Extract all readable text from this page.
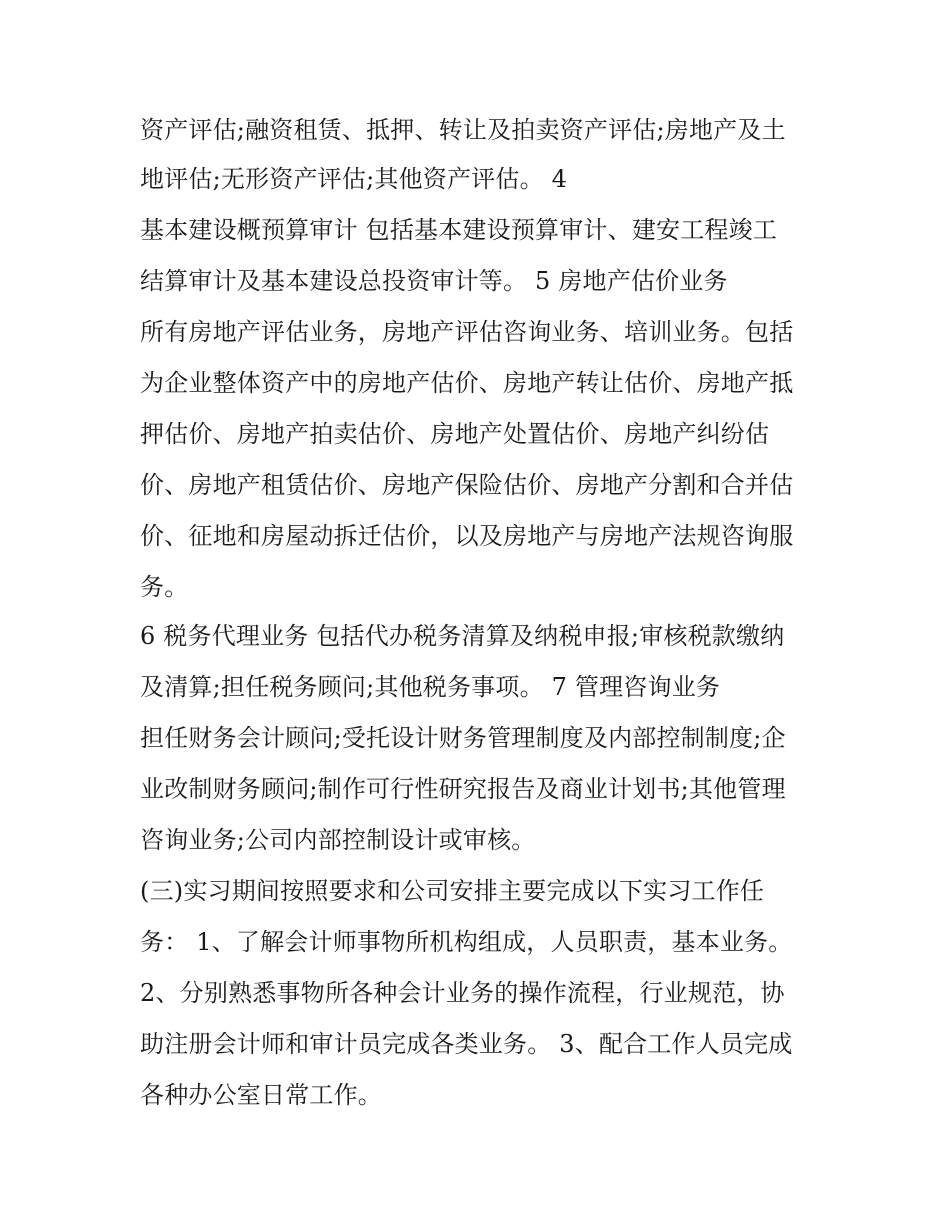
资产评估;融资租赁、抵押、转让及拍卖资产评估;房地产及土
地评估;无形资产评估;其他资产评估。 4
基本建设概预算审计 包括基本建设预算审计、建安工程竣工
结算审计及基本建设总投资审计等。 5 房地产估价业务
所有房地产评估业务，房地产评估咨询业务、培训业务。包括
为企业整体资产中的房地产估价、房地产转让估价、房地产抵
押估价、房地产拍卖估价、房地产处置估价、房地产纠纷估
价、房地产租赁估价、房地产保险估价、房地产分割和合并估
价、征地和房屋动拆迁估价，以及房地产与房地产法规咨询服
务。
6 税务代理业务 包括代办税务清算及纳税申报;审核税款缴纳
及清算;担任税务顾问;其他税务事项。 7 管理咨询业务
担任财务会计顾问;受托设计财务管理制度及内部控制制度;企
业改制财务顾问;制作可行性研究报告及商业计划书;其他管理
咨询业务;公司内部控制设计或审核。
(三)实习期间按照要求和公司安排主要完成以下实习工作任
务： 1、了解会计师事物所机构组成，人员职责，基本业务。
2、分别熟悉事物所各种会计业务的操作流程，行业规范，协
助注册会计师和审计员完成各类业务。 3、配合工作人员完成
各种办公室日常工作。
